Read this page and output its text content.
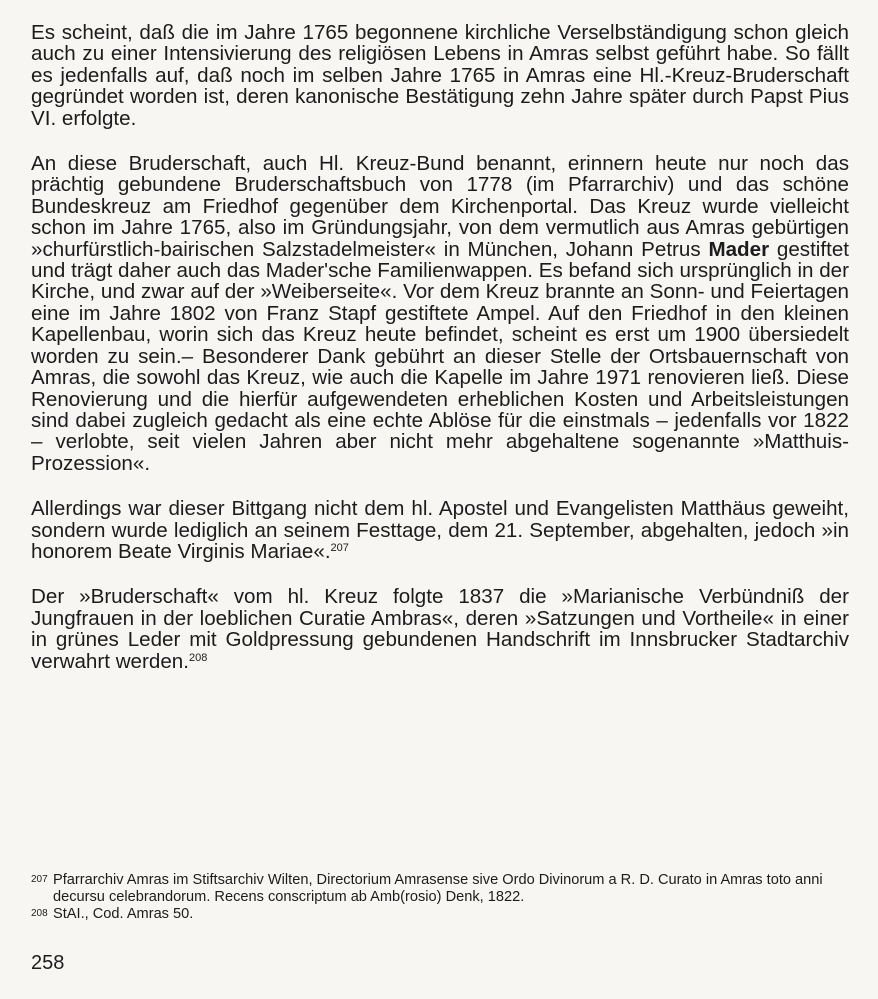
Es scheint, daß die im Jahre 1765 begonnene kirchliche Verselbständigung schon gleich auch zu einer Intensivierung des religiösen Lebens in Amras selbst geführt habe. So fällt es jedenfalls auf, daß noch im selben Jahre 1765 in Amras eine Hl.-Kreuz-Bruderschaft gegründet worden ist, deren kanonische Bestätigung zehn Jahre später durch Papst Pius VI. erfolgte.

An diese Bruderschaft, auch Hl. Kreuz-Bund benannt, erinnern heute nur noch das prächtig gebundene Bruderschaftsbuch von 1778 (im Pfarrarchiv) und das schöne Bundeskreuz am Friedhof gegenüber dem Kirchenportal. Das Kreuz wurde vielleicht schon im Jahre 1765, also im Gründungsjahr, von dem vermutlich aus Amras gebürtigen »churfürstlich-bairischen Salzstadelmeister« in München, Johann Petrus Mader gestiftet und trägt daher auch das Mader'sche Familienwappen. Es befand sich ursprünglich in der Kirche, und zwar auf der »Weiberseite«. Vor dem Kreuz brannte an Sonn- und Feiertagen eine im Jahre 1802 von Franz Stapf gestiftete Ampel. Auf den Friedhof in den kleinen Kapellenbau, worin sich das Kreuz heute befindet, scheint es erst um 1900 übersiedelt worden zu sein.– Besonderer Dank gebührt an dieser Stelle der Ortsbauernschaft von Amras, die sowohl das Kreuz, wie auch die Kapelle im Jahre 1971 renovieren ließ. Diese Renovierung und die hierfür aufgewendeten erheblichen Kosten und Arbeitsleistungen sind dabei zugleich gedacht als eine echte Ablöse für die einstmals – jedenfalls vor 1822 – verlobte, seit vielen Jahren aber nicht mehr abgehaltene sogenannte »Matthuis-Prozession«.

Allerdings war dieser Bittgang nicht dem hl. Apostel und Evangelisten Matthäus geweiht, sondern wurde lediglich an seinem Festtage, dem 21. September, abgehalten, jedoch »in honorem Beate Virginis Mariae«.$^{207}$

Der »Bruderschaft« vom hl. Kreuz folgte 1837 die »Marianische Verbündniß der Jungfrauen in der loeblichen Curatie Ambras«, deren »Satzungen und Vortheile« in einer in grünes Leder mit Goldpressung gebundenen Handschrift im Innsbrucker Stadtarchiv verwahrt werden.$^{208}$

207 Pfarrarchiv Amras im Stiftsarchiv Wilten, Directorium Amrasense sive Ordo Divinorum a R. D. Curato in Amras toto anni decursu celebrandorum. Recens conscriptum ab Amb(rosio) Denk, 1822.

208 StAI., Cod. Amras 50.

258
